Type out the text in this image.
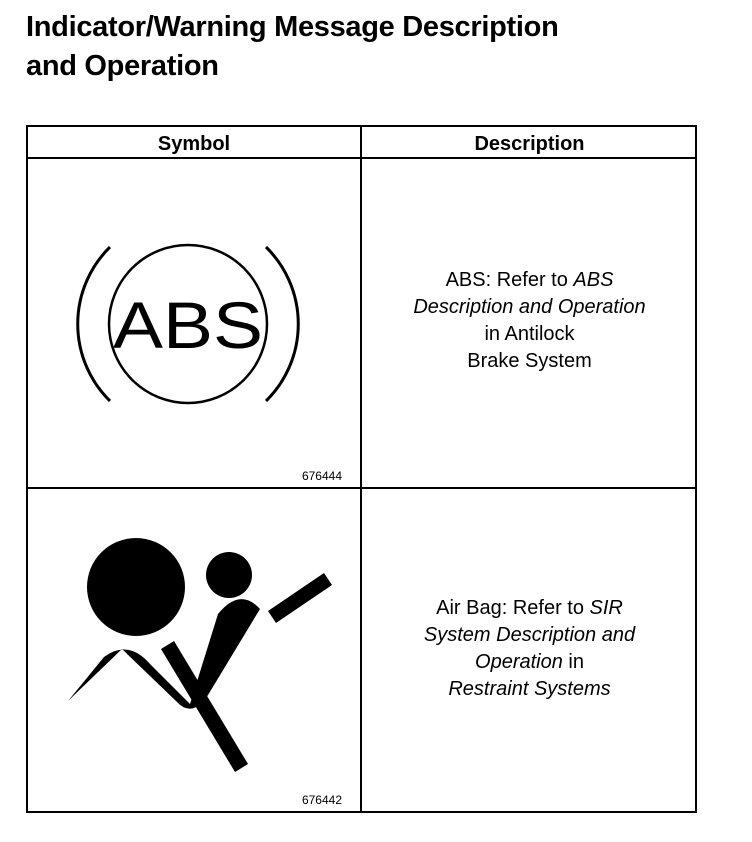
Indicator/Warning Message Description
and Operation
Symbol	Description
ABS
676444
ABS: Refer to ABS
Description and Operation
in Antilock
Brake System
676442
Air Bag: Refer to SIR
System Description and
Operation in
Restraint Systems
